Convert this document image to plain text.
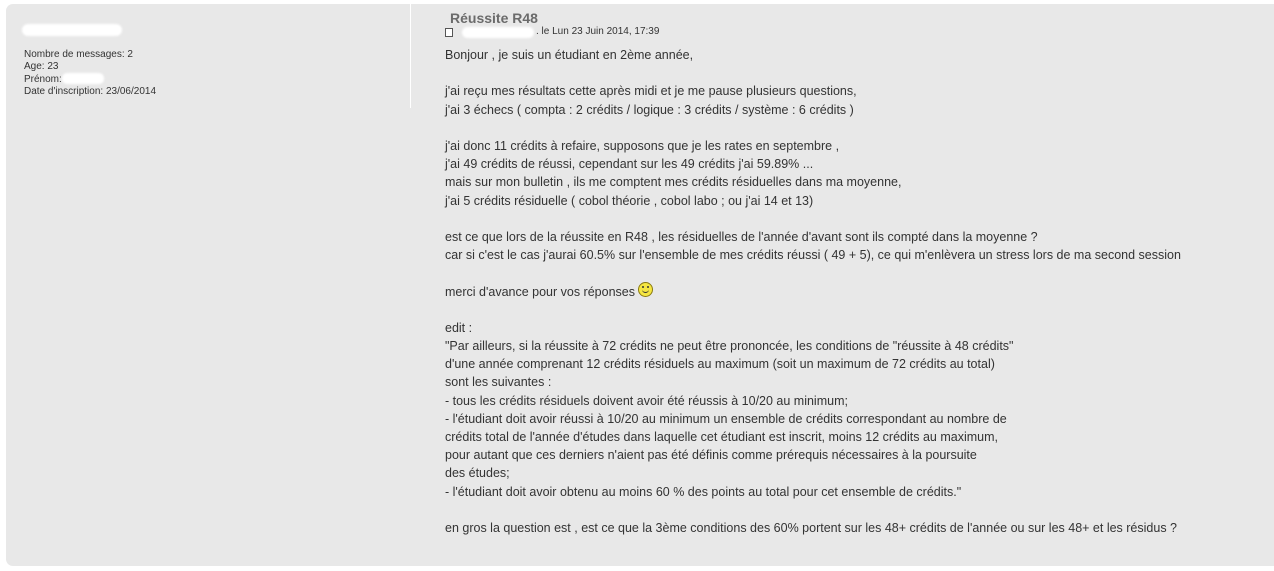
Nombre de messages: 2
Age: 23
Prénom:
Date d'inscription: 23/06/2014
Réussite R48
. le Lun 23 Juin 2014, 17:39
Bonjour , je suis un étudiant en 2ème année,
j'ai reçu mes résultats cette après midi et je me pause plusieurs questions,
j'ai 3 échecs ( compta : 2 crédits / logique : 3 crédits / système : 6 crédits )
j'ai donc 11 crédits à refaire, supposons que je les rates en septembre ,
j'ai 49 crédits de réussi, cependant sur les 49 crédits j'ai 59.89% ...
mais sur mon bulletin , ils me comptent mes crédits résiduelles dans ma moyenne,
j'ai 5 crédits résiduelle ( cobol théorie , cobol labo ; ou j'ai 14 et 13)
est ce que lors de la réussite en R48 , les résiduelles de l'année d'avant sont ils compté dans la moyenne ?
car si c'est le cas j'aurai 60.5% sur l'ensemble de mes crédits réussi ( 49 + 5), ce qui m'enlèvera un stress lors de ma second session
merci d'avance pour vos réponses
edit :
"Par ailleurs, si la réussite à 72 crédits ne peut être prononcée, les conditions de "réussite à 48 crédits"
d'une année comprenant 12 crédits résiduels au maximum (soit un maximum de 72 crédits au total)
sont les suivantes :
- tous les crédits résiduels doivent avoir été réussis à 10/20 au minimum;
- l'étudiant doit avoir réussi à 10/20 au minimum un ensemble de crédits correspondant au nombre de
crédits total de l'année d'études dans laquelle cet étudiant est inscrit, moins 12 crédits au maximum,
pour autant que ces derniers n'aient pas été définis comme prérequis nécessaires à la poursuite
des études;
- l'étudiant doit avoir obtenu au moins 60 % des points au total pour cet ensemble de crédits."
en gros la question est , est ce que la 3ème conditions des 60% portent sur les 48+ crédits de l'année ou sur les 48+ et les résidus ?
